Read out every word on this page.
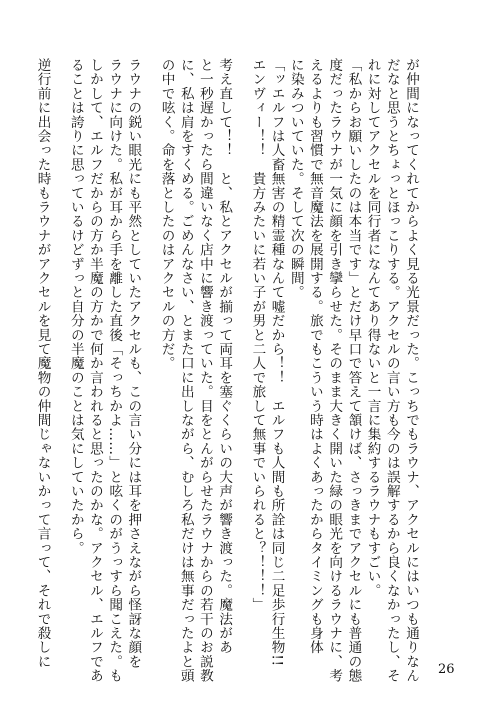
が仲間になってくれてからよく見る光景だった。こっちでもラウナ、アクセルにはいつも通りなん

だなと思うとちょっとほっこりする。アクセルの言い方も今のは誤解するから良くなかったし、そ

れに対してアクセルを同行者になんてあり得ないと一言に集約するラウナもすごい。

「私からお願いしたのは本当です」とだけ早口で答えて頷けば、さっきまでアクセルにも普通の態

度だったラウナが一気に顔を引き攣らせた。そのまま大きく開いた緑の眼光を向けるラウナに、考

えるよりも習慣で無音魔法を展開する。旅でもこういう時はよくあったからタイミングも身体

に染みついていた。そして次の瞬間。

「ッエルフは人畜無害の精霊種なんて嘘だから！！　エルフも人間も所詮は同じ二足歩行生物!!

エンヴィー！！　貴方みたいに若い子が男と二人で旅して無事でいられると？！！！」

考え直して！！　と、私とアクセルが揃って両耳を塞ぐくらいの大声が響き渡った。魔法があ

と一秒遅かったら間違いなく店中に響き渡っていた。目をとんがらせたラウナからの若干のお説教

に、私は肩をすくめる。ごめんなさい、とまた口に出しながら、むしろ私だけは無事だったよと頭

の中で呟く。命を落としたのはアクセルの方だ。

ラウナの鋭い眼光にも平然としていたアクセルも、この言い分には耳を押さえながら怪訝な顔を

ラウナに向けた。私が耳から手を離した直後「そっちかよ……」と呟くのがうっすら聞こえた。も

しかして、エルフだからの方か半魔の方かで何か言われると思ったのかな。アクセル、エルフであ

ることは誇りに思っているけどずっと自分の半魔のことは気にしていたから。

逆行前に出会った時もラウナがアクセルを見て魔物の仲間じゃないかって言って、それで殺しに

26
